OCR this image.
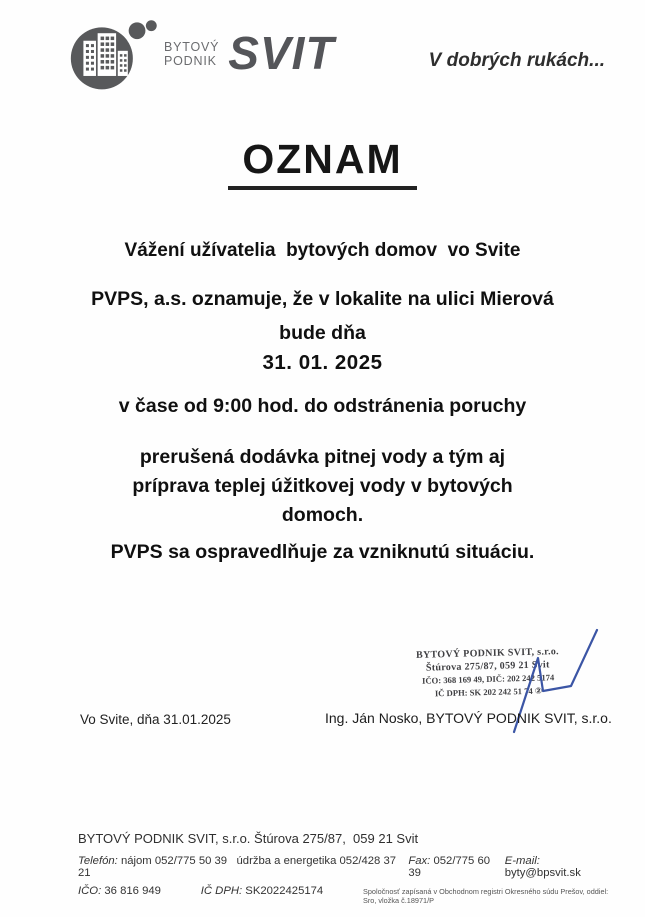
BYTOVÝ
PODNIK SVIT	V dobrých rukách...
OZNAM
Vážení užívatelia  bytových domov  vo Svite
PVPS, a.s. oznamuje, že v lokalite na ulici Mierová
bude dňa
31. 01. 2025
v čase od 9:00 hod. do odstránenia poruchy
prerušená dodávka pitnej vody a tým aj
príprava teplej úžitkovej vody v bytových
domoch.
PVPS sa ospravedlňuje za vzniknutú situáciu.
BYTOVÝ PODNIK SVIT, s.r.o.
Štúrova 275/87, 059 21 Svit
IČO: 368 169 49, DIČ: 202 242 5174
IČ DPH: SK 202 242 51 74 ②
Vo Svite, dňa 31.01.2025	Ing. Ján Nosko, BYTOVÝ PODNIK SVIT, s.r.o.
BYTOVÝ PODNIK SVIT, s.r.o. Štúrova 275/87,  059 21 Svit
Telefón: nájom 052/775 50 39   údržba a energetika 052/428 37 21
Fax: 052/775 60 39
E-mail: byty@bpsvit.sk
IČO: 36 816 949	IČ DPH: SK2022425174	Spoločnosť zapísaná v Obchodnom registri Okresného súdu Prešov, oddiel: Sro, vložka č.18971/P
